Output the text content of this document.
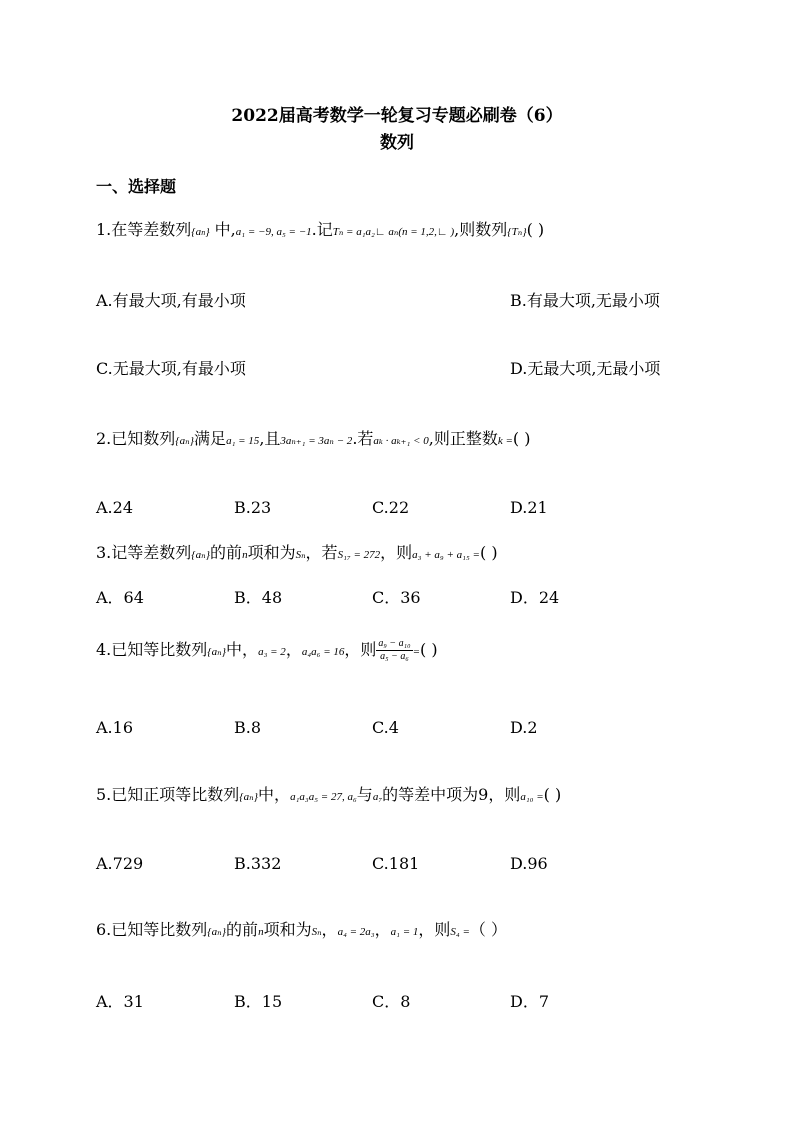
2022届高考数学一轮复习专题必刷卷（6）
数列
一、选择题
1.在等差数列{an} 中,a₁ = −9, a₅ = −1.记Tₙ = a₁a₂∟ aₙ(n = 1,2,∟ ),则数列{Tₙ}( )
A.有最大项,有最小项	B.有最大项,无最小项
C.无最大项,有最小项	D.无最大项,无最小项
2.已知数列{aₙ}满足a₁ = 15,且3aₙ₊₁ = 3aₙ − 2.若aₖ · aₖ₊₁ < 0,则正整数k =( )
A.24	B.23	C.22	D.21
3.记等差数列{aₙ}的前n项和为Sₙ，若S₁₇ = 272，则a₃ + a₉ + a₁₅ =( )
A．64	B．48	C．36	D．24
4.已知等比数列{aₙ}中，a₃ = 2，a₄a₆ = 16，则 $\frac{\text{a₉ − a₁₀}}{\text{a₅ − a₆}}$ =( )
A.16	B.8	C.4	D.2
5.已知正项等比数列{aₙ}中，a₁a₃a₅ = 27, a₆与a₇的等差中项为9，则a₁₀ =( )
A.729	B.332	C.181	D.96
6.已知等比数列{aₙ}的前n项和为Sₙ，a₄ = 2a₃，a₁ = 1，则S₄ =（ ）
A．31	B．15	C．8	D．7
